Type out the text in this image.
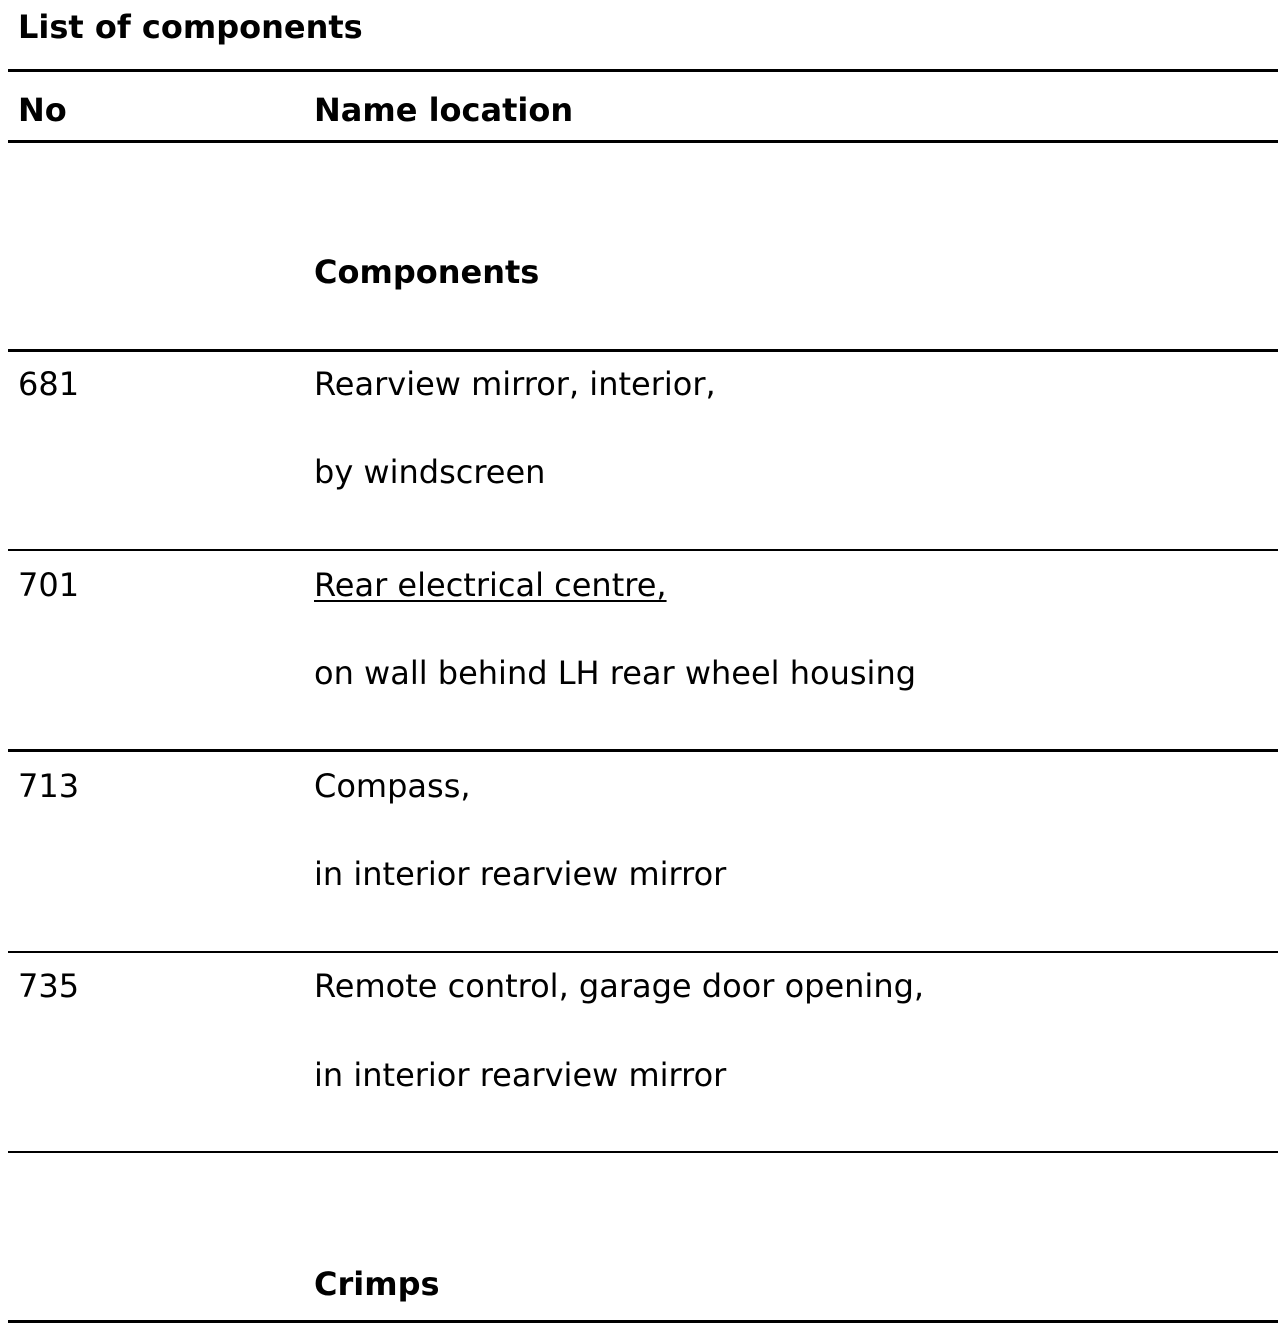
List of components
No	Name location
Components
681	Rearview mirror, interior,
by windscreen
701	Rear electrical centre,
on wall behind LH rear wheel housing
713	Compass,
in interior rearview mirror
735	Remote control, garage door opening,
in interior rearview mirror
Crimps
